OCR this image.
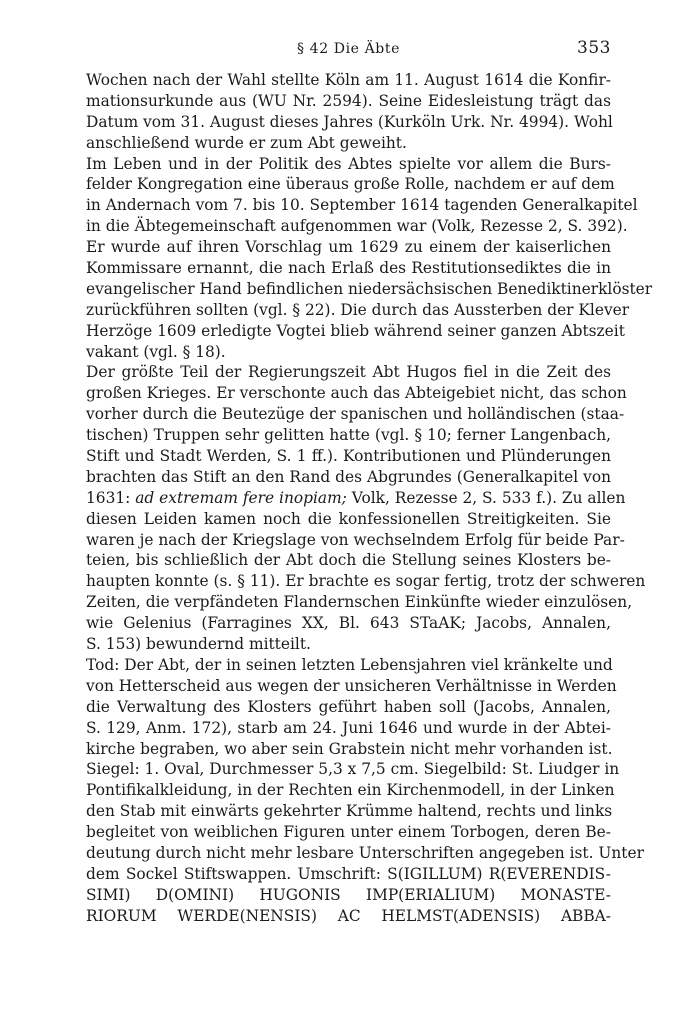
§ 42 Die Äbte	353
Wochen nach der Wahl stellte Köln am 11. August 1614 die Konfir-
mationsurkunde aus (WU Nr. 2594). Seine Eidesleistung trägt das
Datum vom 31. August dieses Jahres (Kurköln Urk. Nr. 4994). Wohl
anschließend wurde er zum Abt geweiht.
Im Leben und in der Politik des Abtes spielte vor allem die Burs-
felder Kongregation eine überaus große Rolle, nachdem er auf dem
in Andernach vom 7. bis 10. September 1614 tagenden Generalkapitel
in die Äbtegemeinschaft aufgenommen war (Volk, Rezesse 2, S. 392).
Er wurde auf ihren Vorschlag um 1629 zu einem der kaiserlichen
Kommissare ernannt, die nach Erlaß des Restitutionsediktes die in
evangelischer Hand befindlichen niedersächsischen Benediktinerklöster
zurückführen sollten (vgl. § 22). Die durch das Aussterben der Klever
Herzöge 1609 erledigte Vogtei blieb während seiner ganzen Abtszeit
vakant (vgl. § 18).
Der größte Teil der Regierungszeit Abt Hugos fiel in die Zeit des
großen Krieges. Er verschonte auch das Abteigebiet nicht, das schon
vorher durch die Beutezüge der spanischen und holländischen (staa-
tischen) Truppen sehr gelitten hatte (vgl. § 10; ferner Langenbach,
Stift und Stadt Werden, S. 1 ff.). Kontributionen und Plünderungen
brachten das Stift an den Rand des Abgrundes (Generalkapitel von
1631: ad extremam fere inopiam; Volk, Rezesse 2, S. 533 f.). Zu allen
diesen Leiden kamen noch die konfessionellen Streitigkeiten. Sie
waren je nach der Kriegslage von wechselndem Erfolg für beide Par-
teien, bis schließlich der Abt doch die Stellung seines Klosters be-
haupten konnte (s. § 11). Er brachte es sogar fertig, trotz der schweren
Zeiten, die verpfändeten Flandernschen Einkünfte wieder einzulösen,
wie Gelenius (Farragines XX, Bl. 643 STaAK; Jacobs, Annalen,
S. 153) bewundernd mitteilt.
Tod: Der Abt, der in seinen letzten Lebensjahren viel kränkelte und
von Hetterscheid aus wegen der unsicheren Verhältnisse in Werden
die Verwaltung des Klosters geführt haben soll (Jacobs, Annalen,
S. 129, Anm. 172), starb am 24. Juni 1646 und wurde in der Abtei-
kirche begraben, wo aber sein Grabstein nicht mehr vorhanden ist.
Siegel: 1. Oval, Durchmesser 5,3 x 7,5 cm. Siegelbild: St. Liudger in
Pontifikalkleidung, in der Rechten ein Kirchenmodell, in der Linken
den Stab mit einwärts gekehrter Krümme haltend, rechts und links
begleitet von weiblichen Figuren unter einem Torbogen, deren Be-
deutung durch nicht mehr lesbare Unterschriften angegeben ist. Unter
dem Sockel Stiftswappen. Umschrift: S(IGILLUM) R(EVERENDIS-
SIMI) D(OMINI) HUGONIS IMP(ERIALIUM) MONASTE-
RIORUM WERDE(NENSIS) AC HELMST(ADENSIS) ABBA-
